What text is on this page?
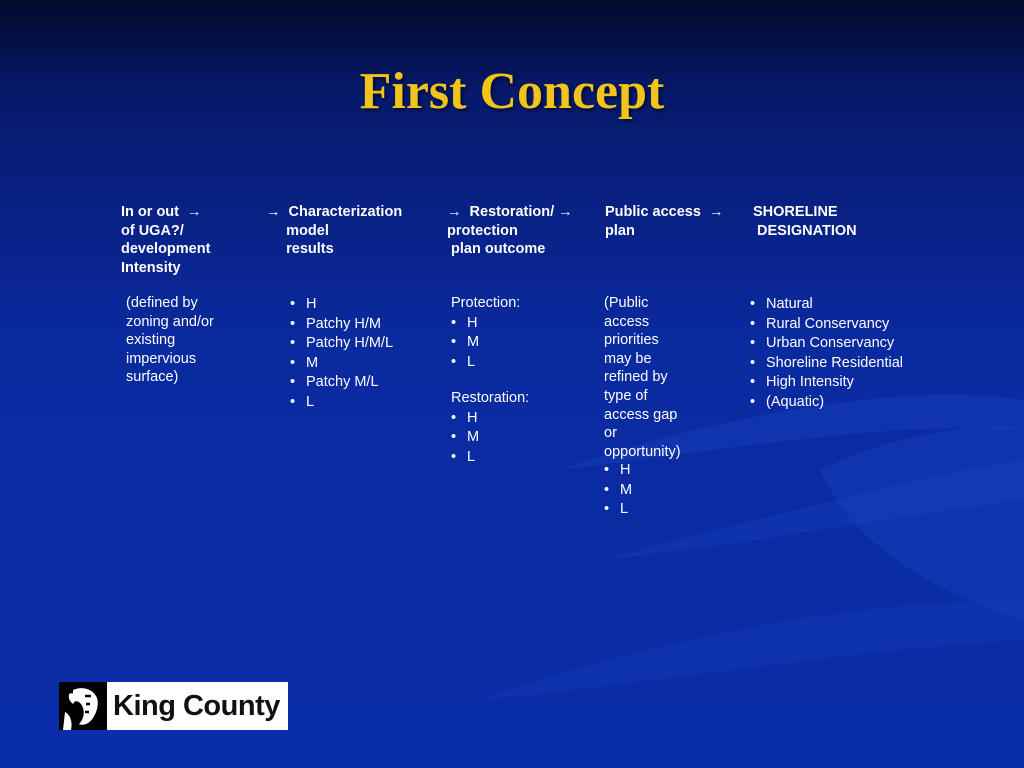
First Concept
In or out  →
of UGA?/
development
Intensity
→  Characterization
model
results
→  Restoration/ →
protection
plan outcome
Public access  →
plan
SHORELINE
DESIGNATION
(defined by
zoning and/or
existing
impervious
surface)
• H
• Patchy H/M
• Patchy H/M/L
• M
• Patchy M/L
• L
Protection:
• H
• M
• L
Restoration:
• H
• M
• L
(Public
access
priorities
may be
refined by
type of
access gap
or
opportunity)
• H
• M
• L
• Natural
• Rural Conservancy
• Urban Conservancy
• Shoreline Residential
• High Intensity
• (Aquatic)
King County
